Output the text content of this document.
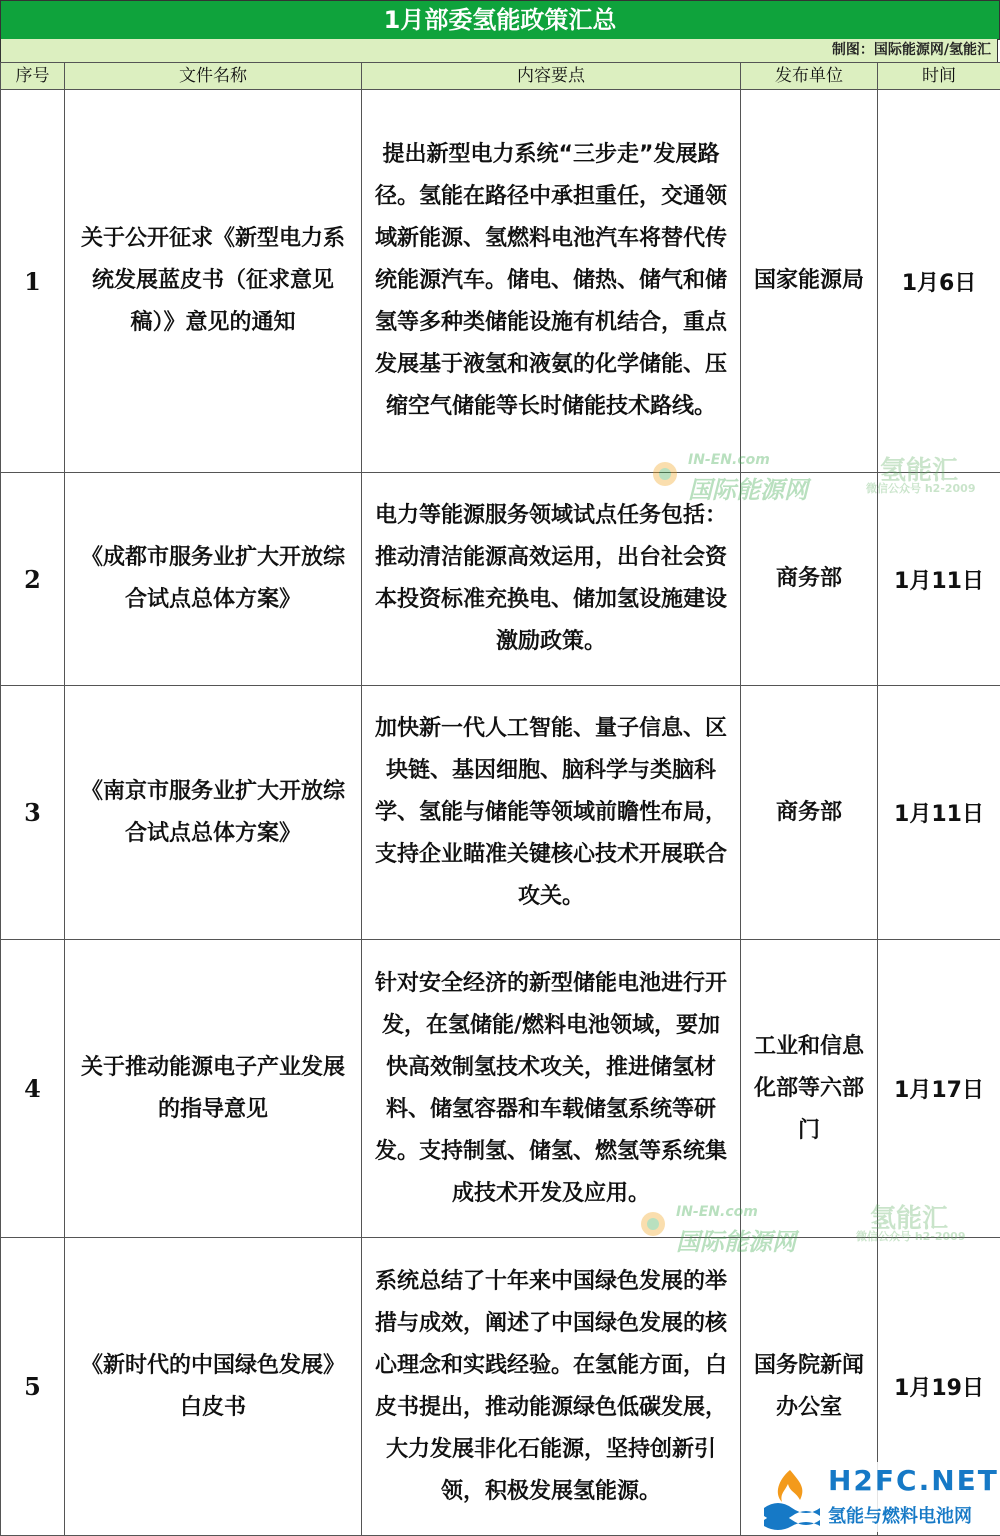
1月部委氢能政策汇总
制图：国际能源网/氢能汇
序号	文件名称	内容要点	发布单位	时间
1	关于公开征求《新型电力系统发展蓝皮书（征求意见稿）》意见的通知	提出新型电力系统“三步走”发展路径。氢能在路径中承担重任，交通领域新能源、氢燃料电池汽车将替代传统能源汽车。储电、储热、储气和储氢等多种类储能设施有机结合，重点发展基于液氢和液氨的化学储能、压缩空气储能等长时储能技术路线。	国家能源局	1月6日
2	《成都市服务业扩大开放综合试点总体方案》	电力等能源服务领域试点任务包括：推动清洁能源高效运用，出台社会资本投资标准充换电、储加氢设施建设激励政策。	商务部	1月11日
3	《南京市服务业扩大开放综合试点总体方案》	加快新一代人工智能、量子信息、区块链、基因细胞、脑科学与类脑科学、氢能与储能等领域前瞻性布局，支持企业瞄准关键核心技术开展联合攻关。	商务部	1月11日
4	关于推动能源电子产业发展的指导意见	针对安全经济的新型储能电池进行开发，在氢储能/燃料电池领域，要加快高效制氢技术攻关，推进储氢材料、储氢容器和车载储氢系统等研发。支持制氢、储氢、燃氢等系统集成技术开发及应用。	工业和信息化部等六部门	1月17日
5	《新时代的中国绿色发展》白皮书	系统总结了十年来中国绿色发展的举措与成效，阐述了中国绿色发展的核心理念和实践经验。在氢能方面，白皮书提出，推动能源绿色低碳发展，大力发展非化石能源，坚持创新引领，积极发展氢能源。	国务院新闻办公室	1月19日
IN-EN.com
国际能源网
氢能汇
微信公众号 h2-2009
IN-EN.com
国际能源网
氢能汇
微信公众号 h2-2009
H2FC.NET
氢能与燃料电池网
